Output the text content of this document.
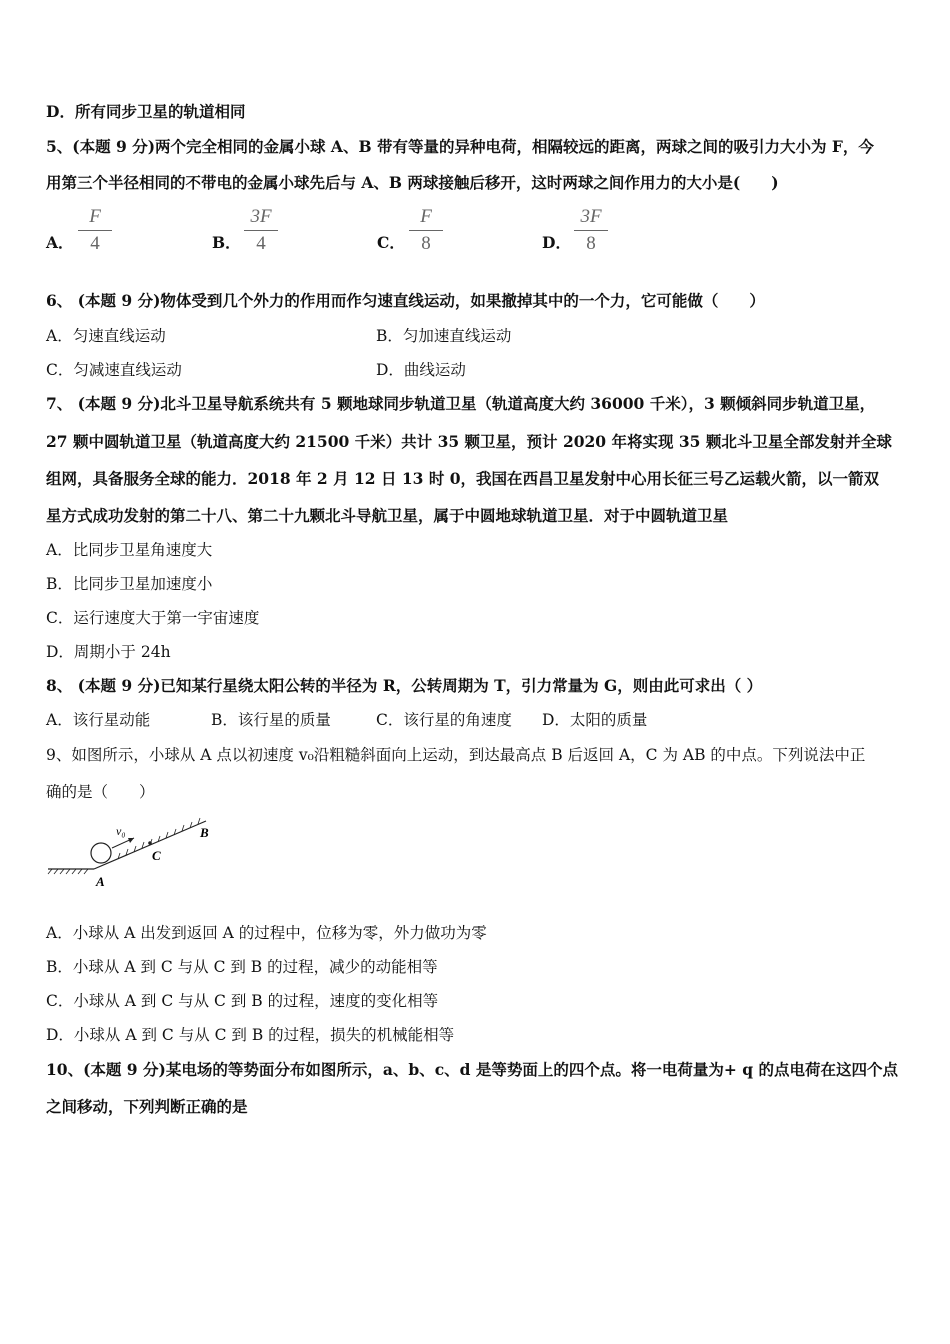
D．所有同步卫星的轨道相同
5、(本题 9 分)两个完全相同的金属小球 A、B 带有等量的异种电荷，相隔较远的距离，两球之间的吸引力大小为 F，今
用第三个半径相同的不带电的金属小球先后与 A、B 两球接触后移开，这时两球之间作用力的大小是(　　)
A．
F
4	B．
3F
4	C．
F
8	D．
3F
8
6、 (本题 9 分)物体受到几个外力的作用而作匀速直线运动，如果撤掉其中的一个力，它可能做（　　）
A．匀速直线运动	B．匀加速直线运动
C．匀减速直线运动	D．曲线运动
7、 (本题 9 分)北斗卫星导航系统共有 5 颗地球同步轨道卫星（轨道高度大约 36000 千米），3 颗倾斜同步轨道卫星，
27 颗中圆轨道卫星（轨道高度大约 21500 千米）共计 35 颗卫星，预计 2020 年将实现 35 颗北斗卫星全部发射并全球
组网，具备服务全球的能力．2018 年 2 月 12 日 13 时 0，我国在西昌卫星发射中心用长征三号乙运载火箭，以一箭双
星方式成功发射的第二十八、第二十九颗北斗导航卫星，属于中圆地球轨道卫星．对于中圆轨道卫星
A．比同步卫星角速度大
B．比同步卫星加速度小
C．运行速度大于第一宇宙速度
D．周期小于 24h
8、 (本题 9 分)已知某行星绕太阳公转的半径为 R，公转周期为 T，引力常量为 G，则由此可求出（ ）
A．该行星动能	B．该行星的质量	C．该行星的角速度 D．太阳的质量
9、如图所示，小球从 A 点以初速度 v₀沿粗糙斜面向上运动，到达最高点 B 后返回 A，C 为 AB 的中点。下列说法中正
确的是（　　）
v₀
A
B
C
A．小球从 A 出发到返回 A 的过程中，位移为零，外力做功为零
B．小球从 A 到 C 与从 C 到 B 的过程，减少的动能相等
C．小球从 A 到 C 与从 C 到 B 的过程，速度的变化相等
D．小球从 A 到 C 与从 C 到 B 的过程，损失的机械能相等
10、(本题 9 分)某电场的等势面分布如图所示，a、b、c、d 是等势面上的四个点。将一电荷量为+ q 的点电荷在这四个点
之间移动，下列判断正确的是
